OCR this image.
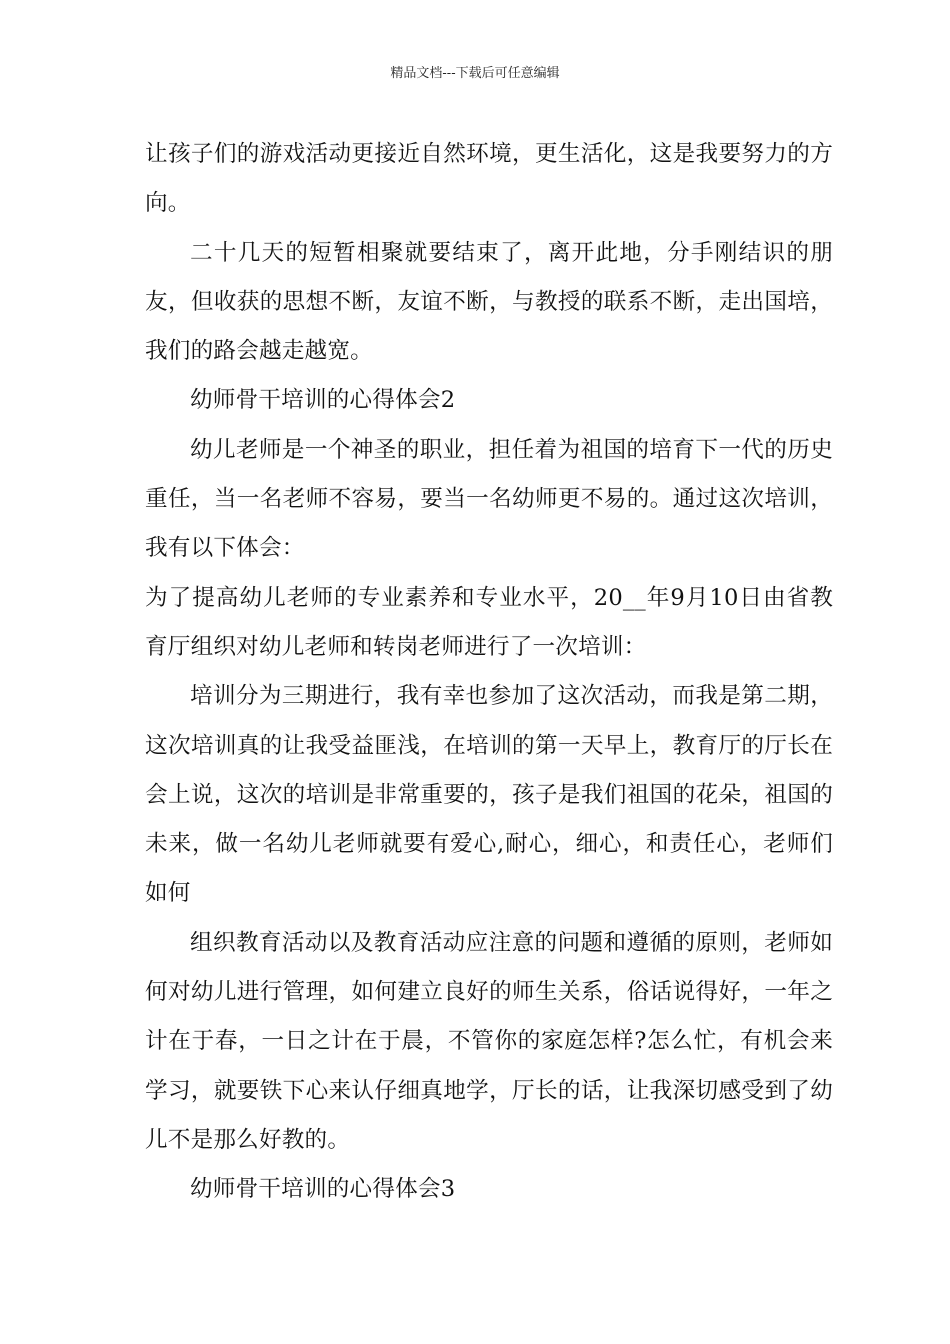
精品文档---下载后可任意编辑

让孩子们的游戏活动更接近自然环境，更生活化，这是我要努力的方向。

二十几天的短暂相聚就要结束了，离开此地，分手刚结识的朋友，但收获的思想不断，友谊不断，与教授的联系不断，走出国培，我们的路会越走越宽。

幼师骨干培训的心得体会2

幼儿老师是一个神圣的职业，担任着为祖国的培育下一代的历史重任，当一名老师不容易，要当一名幼师更不易的。通过这次培训，我有以下体会：

为了提高幼儿老师的专业素养和专业水平，20__年9月10日由省教育厅组织对幼儿老师和转岗老师进行了一次培训：

培训分为三期进行，我有幸也参加了这次活动，而我是第二期，这次培训真的让我受益匪浅，在培训的第一天早上，教育厅的厅长在会上说，这次的培训是非常重要的，孩子是我们祖国的花朵，祖国的未来，做一名幼儿老师就要有爱心,耐心，细心，和责任心，老师们如何

组织教育活动以及教育活动应注意的问题和遵循的原则，老师如何对幼儿进行管理，如何建立良好的师生关系，俗话说得好，一年之计在于春，一日之计在于晨，不管你的家庭怎样?怎么忙，有机会来学习，就要铁下心来认仔细真地学，厅长的话，让我深切感受到了幼儿不是那么好教的。

幼师骨干培训的心得体会3
